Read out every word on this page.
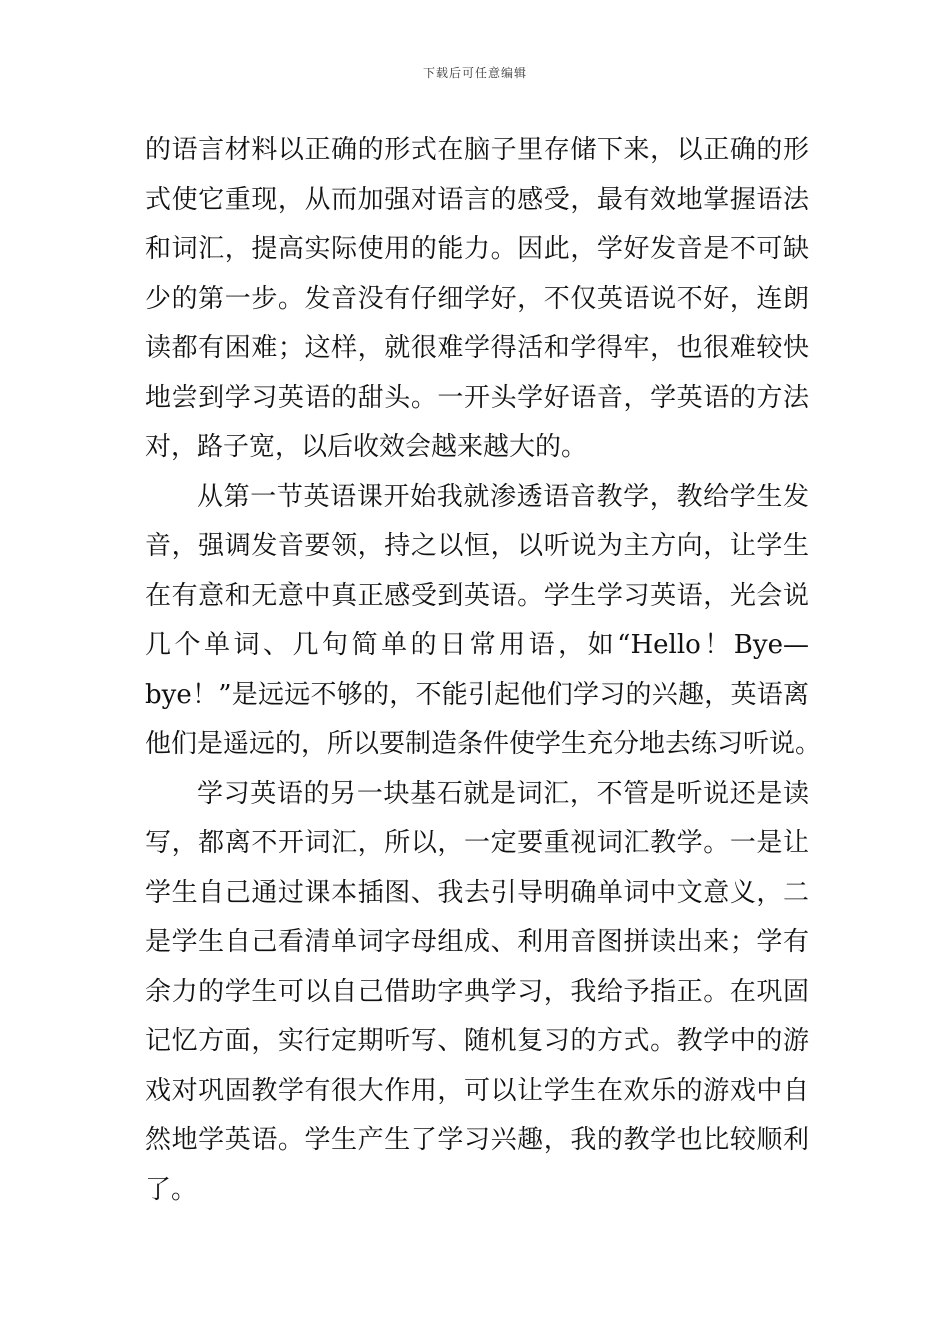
下载后可任意编辑
的语言材料以正确的形式在脑子里存储下来，以正确的形
式使它重现，从而加强对语言的感受，最有效地掌握语法
和词汇，提高实际使用的能力。因此，学好发音是不可缺
少的第一步。发音没有仔细学好，不仅英语说不好，连朗
读都有困难；这样，就很难学得活和学得牢，也很难较快
地尝到学习英语的甜头。一开头学好语音，学英语的方法
对，路子宽，以后收效会越来越大的。
从第一节英语课开始我就渗透语音教学，教给学生发
音，强调发音要领，持之以恒，以听说为主方向，让学生
在有意和无意中真正感受到英语。学生学习英语，光会说
几个单词、几句简单的日常用语，如“Hello！Bye—
bye！”是远远不够的，不能引起他们学习的兴趣，英语离
他们是遥远的，所以要制造条件使学生充分地去练习听说。
学习英语的另一块基石就是词汇，不管是听说还是读
写，都离不开词汇，所以，一定要重视词汇教学。一是让
学生自己通过课本插图、我去引导明确单词中文意义，二
是学生自己看清单词字母组成、利用音图拼读出来；学有
余力的学生可以自己借助字典学习，我给予指正。在巩固
记忆方面，实行定期听写、随机复习的方式。教学中的游
戏对巩固教学有很大作用，可以让学生在欢乐的游戏中自
然地学英语。学生产生了学习兴趣，我的教学也比较顺利
了。
